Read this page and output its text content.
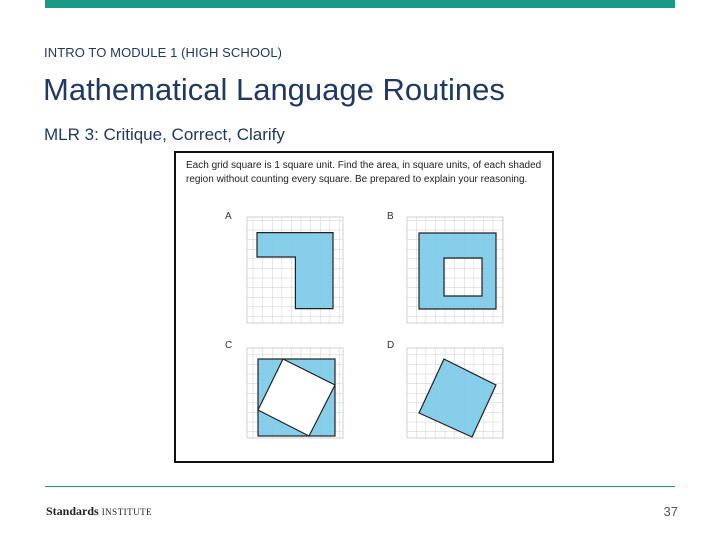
INTRO TO MODULE 1 (HIGH SCHOOL)
Mathematical Language Routines
MLR 3: Critique, Correct, Clarify
Each grid square is 1 square unit. Find the area, in square units, of each shaded region without counting every square. Be prepared to explain your reasoning.
A	B
C	D
Standards INSTITUTE	37
